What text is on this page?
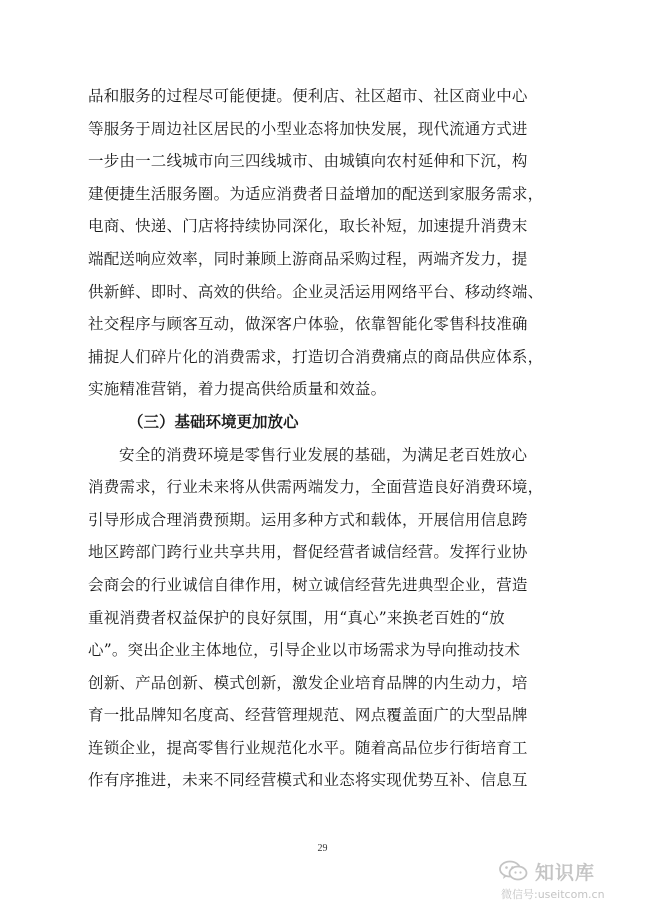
品和服务的过程尽可能便捷。便利店、社区超市、社区商业中心
等服务于周边社区居民的小型业态将加快发展，现代流通方式进
一步由一二线城市向三四线城市、由城镇向农村延伸和下沉，构
建便捷生活服务圈。为适应消费者日益增加的配送到家服务需求，
电商、快递、门店将持续协同深化，取长补短，加速提升消费末
端配送响应效率，同时兼顾上游商品采购过程，两端齐发力，提
供新鲜、即时、高效的供给。企业灵活运用网络平台、移动终端、
社交程序与顾客互动，做深客户体验，依靠智能化零售科技准确
捕捉人们碎片化的消费需求，打造切合消费痛点的商品供应体系，
实施精准营销，着力提高供给质量和效益。
（三）基础环境更加放心
安全的消费环境是零售行业发展的基础，为满足老百姓放心
消费需求，行业未来将从供需两端发力，全面营造良好消费环境，
引导形成合理消费预期。运用多种方式和载体，开展信用信息跨
地区跨部门跨行业共享共用，督促经营者诚信经营。发挥行业协
会商会的行业诚信自律作用，树立诚信经营先进典型企业，营造
重视消费者权益保护的良好氛围，用“真心”来换老百姓的“放
心”。突出企业主体地位，引导企业以市场需求为导向推动技术
创新、产品创新、模式创新，激发企业培育品牌的内生动力，培
育一批品牌知名度高、经营管理规范、网点覆盖面广的大型品牌
连锁企业，提高零售行业规范化水平。随着高品位步行街培育工
作有序推进，未来不同经营模式和业态将实现优势互补、信息互
29
知识库
微信号:useitcom.cn
